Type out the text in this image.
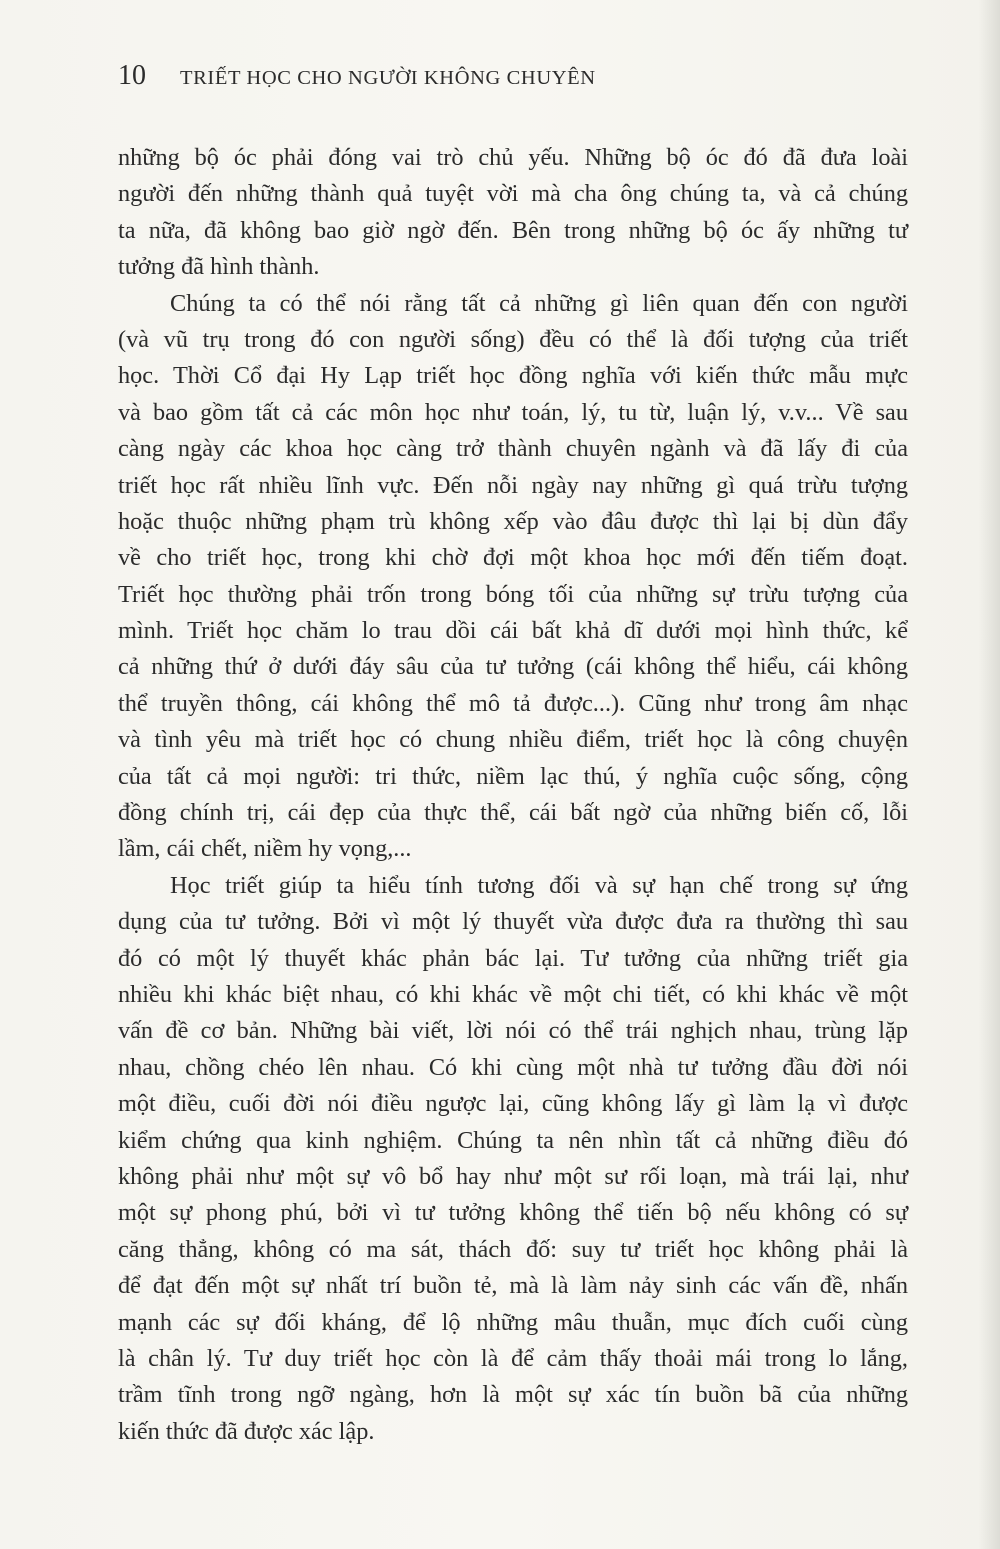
10 TRIẾT HỌC CHO NGƯỜI KHÔNG CHUYÊN
những bộ óc phải đóng vai trò chủ yếu. Những bộ óc đó đã đưa loài
người đến những thành quả tuyệt vời mà cha ông chúng ta, và cả chúng
ta nữa, đã không bao giờ ngờ đến. Bên trong những bộ óc ấy những tư
tưởng đã hình thành.
Chúng ta có thể nói rằng tất cả những gì liên quan đến con người
(và vũ trụ trong đó con người sống) đều có thể là đối tượng của triết
học. Thời Cổ đại Hy Lạp triết học đồng nghĩa với kiến thức mẫu mực
và bao gồm tất cả các môn học như toán, lý, tu từ, luận lý, v.v... Về sau
càng ngày các khoa học càng trở thành chuyên ngành và đã lấy đi của
triết học rất nhiều lĩnh vực. Đến nỗi ngày nay những gì quá trừu tượng
hoặc thuộc những phạm trù không xếp vào đâu được thì lại bị dùn đẩy
về cho triết học, trong khi chờ đợi một khoa học mới đến tiếm đoạt.
Triết học thường phải trốn trong bóng tối của những sự trừu tượng của
mình. Triết học chăm lo trau dồi cái bất khả dĩ dưới mọi hình thức, kể
cả những thứ ở dưới đáy sâu của tư tưởng (cái không thể hiểu, cái không
thể truyền thông, cái không thể mô tả được...). Cũng như trong âm nhạc
và tình yêu mà triết học có chung nhiều điểm, triết học là công chuyện
của tất cả mọi người: tri thức, niềm lạc thú, ý nghĩa cuộc sống, cộng
đồng chính trị, cái đẹp của thực thể, cái bất ngờ của những biến cố, lỗi
lầm, cái chết, niềm hy vọng,...
Học triết giúp ta hiểu tính tương đối và sự hạn chế trong sự ứng
dụng của tư tưởng. Bởi vì một lý thuyết vừa được đưa ra thường thì sau
đó có một lý thuyết khác phản bác lại. Tư tưởng của những triết gia
nhiều khi khác biệt nhau, có khi khác về một chi tiết, có khi khác về một
vấn đề cơ bản. Những bài viết, lời nói có thể trái nghịch nhau, trùng lặp
nhau, chồng chéo lên nhau. Có khi cùng một nhà tư tưởng đầu đời nói
một điều, cuối đời nói điều ngược lại, cũng không lấy gì làm lạ vì được
kiểm chứng qua kinh nghiệm. Chúng ta nên nhìn tất cả những điều đó
không phải như một sự vô bổ hay như một sư rối loạn, mà trái lại, như
một sự phong phú, bởi vì tư tưởng không thể tiến bộ nếu không có sự
căng thẳng, không có ma sát, thách đố: suy tư triết học không phải là
để đạt đến một sự nhất trí buồn tẻ, mà là làm nảy sinh các vấn đề, nhấn
mạnh các sự đối kháng, để lộ những mâu thuẫn, mục đích cuối cùng
là chân lý. Tư duy triết học còn là để cảm thấy thoải mái trong lo lắng,
trầm tĩnh trong ngỡ ngàng, hơn là một sự xác tín buồn bã của những
kiến thức đã được xác lập.
